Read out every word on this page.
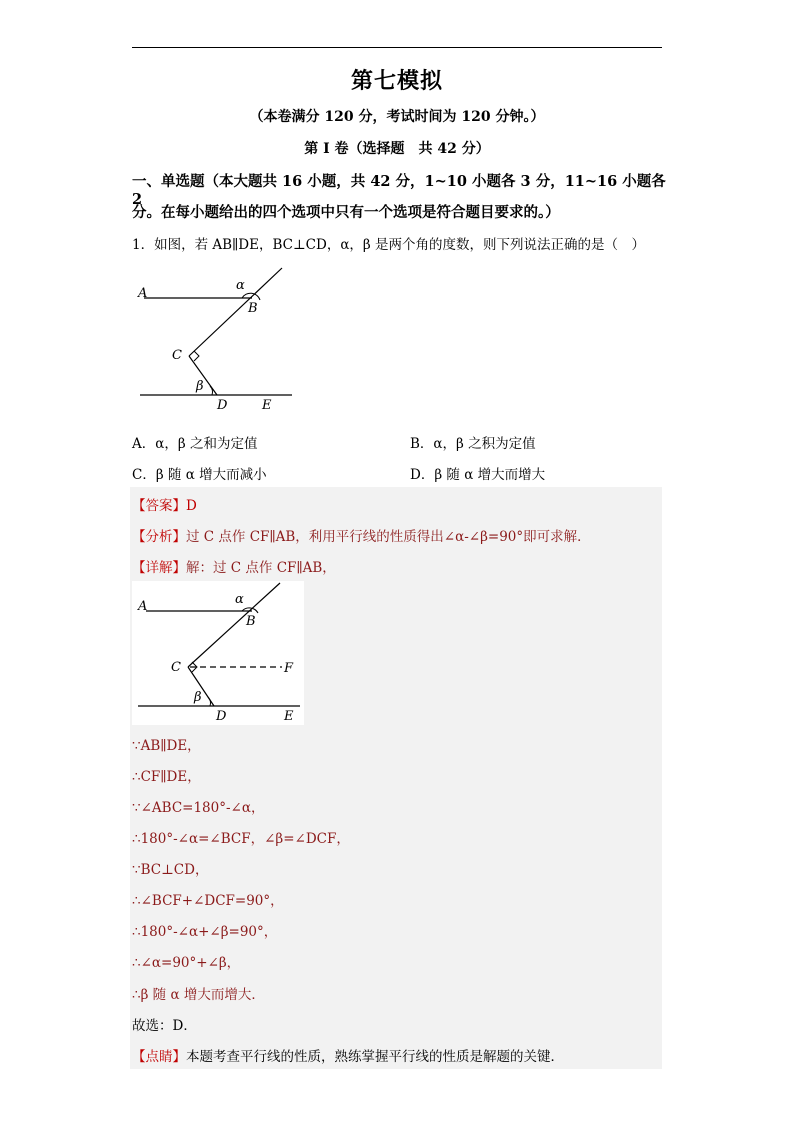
第七模拟
（本卷满分 120 分，考试时间为 120 分钟。）
第 I 卷（选择题　共 42 分）
一、单选题（本大题共 16 小题，共 42 分，1~10 小题各 3 分，11~16 小题各 2
分。在每小题给出的四个选项中只有一个选项是符合题目要求的。）
1．如图，若 AB∥DE，BC⊥CD，α，β 是两个角的度数，则下列说法正确的是（　）
A
α
B
C
β
D	E
A．α，β 之和为定值	B．α，β 之积为定值
C．β 随 α 增大而减小	D．β 随 α 增大而增大
【答案】D
【分析】过 C 点作 CF∥AB，利用平行线的性质得出∠α-∠β=90°即可求解．
【详解】解：过 C 点作 CF∥AB，
A	α
B
C	F
β
D	E
∵AB∥DE，
∴CF∥DE，
∵∠ABC=180°-∠α，
∴180°-∠α=∠BCF，∠β=∠DCF，
∵BC⊥CD，
∴∠BCF+∠DCF=90°，
∴180°-∠α+∠β=90°，
∴∠α=90°+∠β，
∴β 随 α 增大而增大．
故选：D．
【点睛】本题考查平行线的性质，熟练掌握平行线的性质是解题的关键．
